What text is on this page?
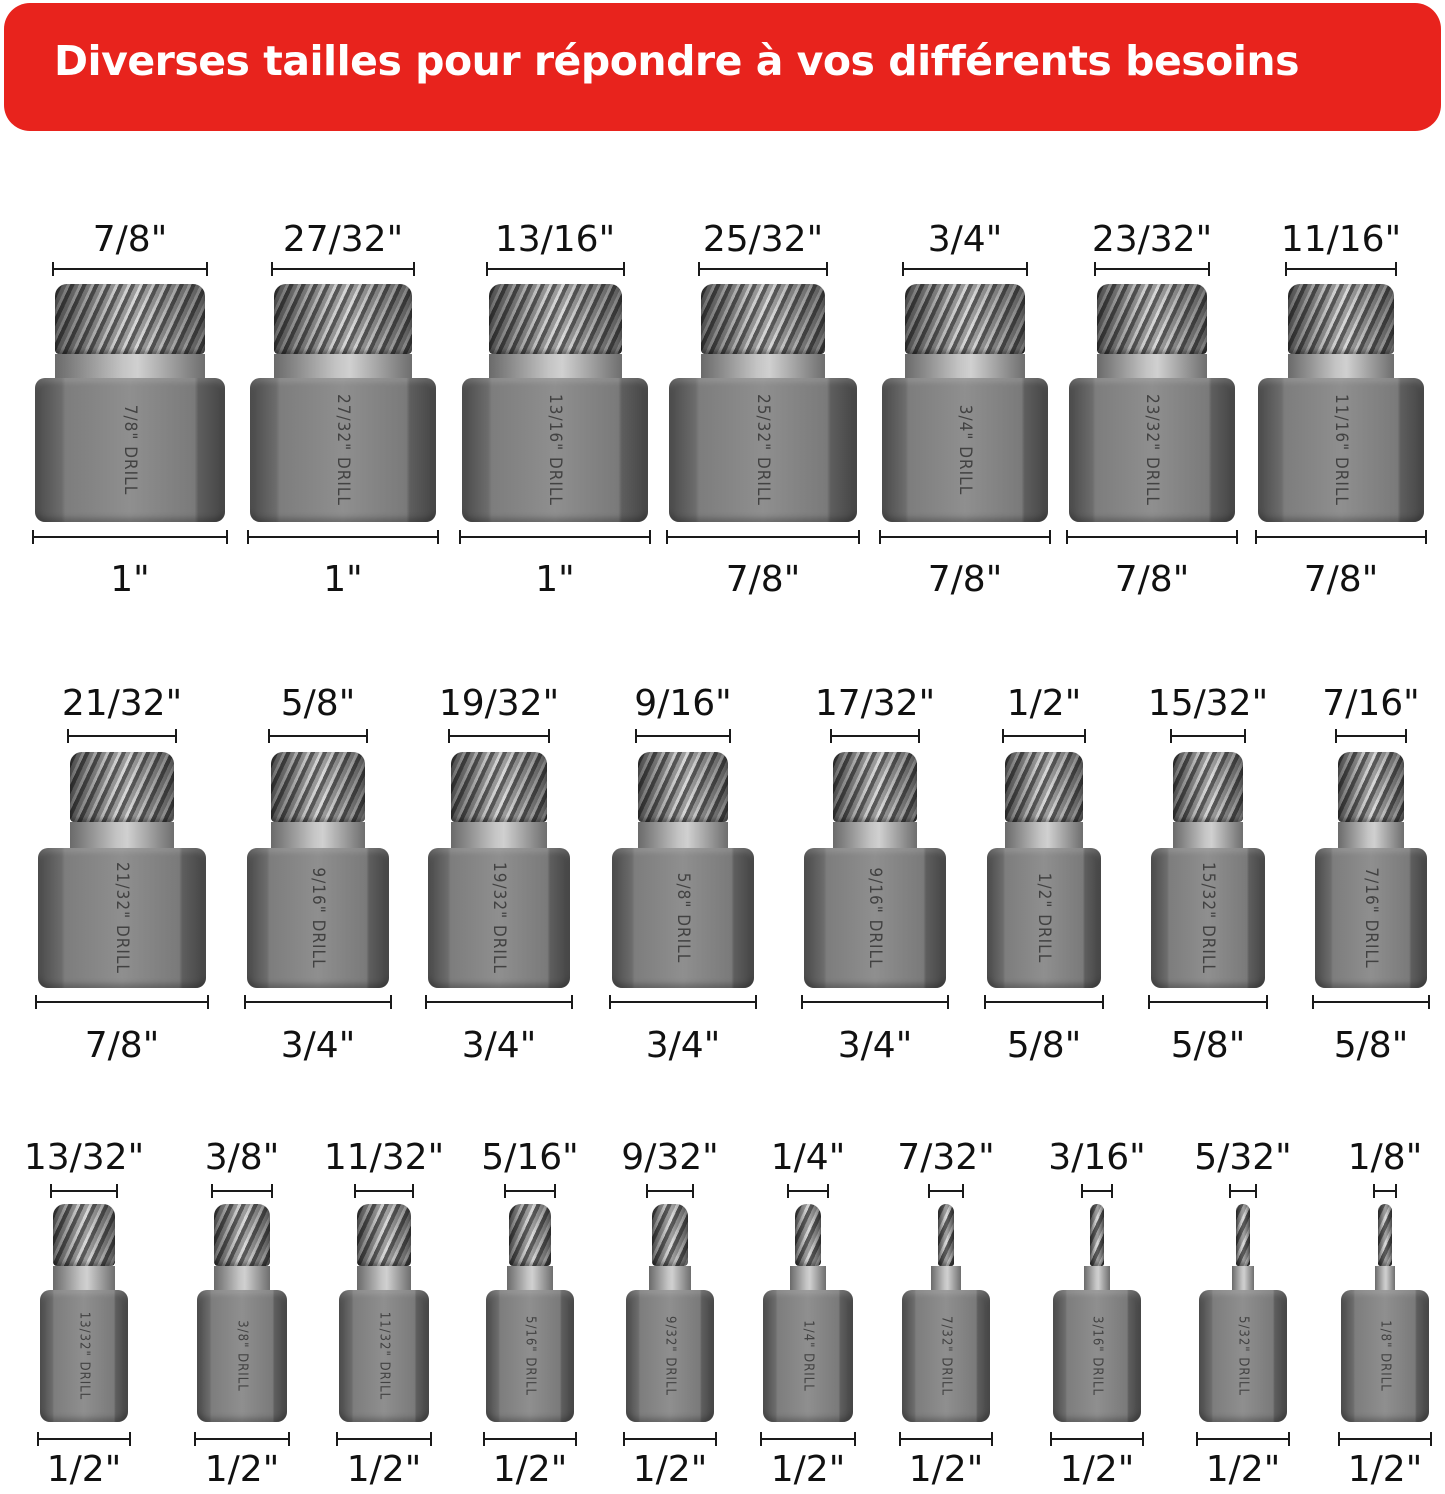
Diverses tailles pour répondre à vos différents besoins
7/8"
7/8" DRILL
1"
27/32"
27/32" DRILL
1"
13/16"
13/16" DRILL
1"
25/32"
25/32" DRILL
7/8"
3/4"
3/4" DRILL
7/8"
23/32"
23/32" DRILL
7/8"
11/16"
11/16" DRILL
7/8"
21/32"
21/32" DRILL
7/8"
5/8"
9/16" DRILL
3/4"
19/32"
19/32" DRILL
3/4"
9/16"
5/8" DRILL
3/4"
17/32"
9/16" DRILL
3/4"
1/2"
1/2" DRILL
5/8"
15/32"
15/32" DRILL
5/8"
7/16"
7/16" DRILL
5/8"
13/32"
13/32" DRILL
1/2"
3/8"
3/8" DRILL
1/2"
11/32"
11/32" DRILL
1/2"
5/16"
5/16" DRILL
1/2"
9/32"
9/32" DRILL
1/2"
1/4"
1/4" DRILL
1/2"
7/32"
7/32" DRILL
1/2"
3/16"
3/16" DRILL
1/2"
5/32"
5/32" DRILL
1/2"
1/8"
1/8" DRILL
1/2"
